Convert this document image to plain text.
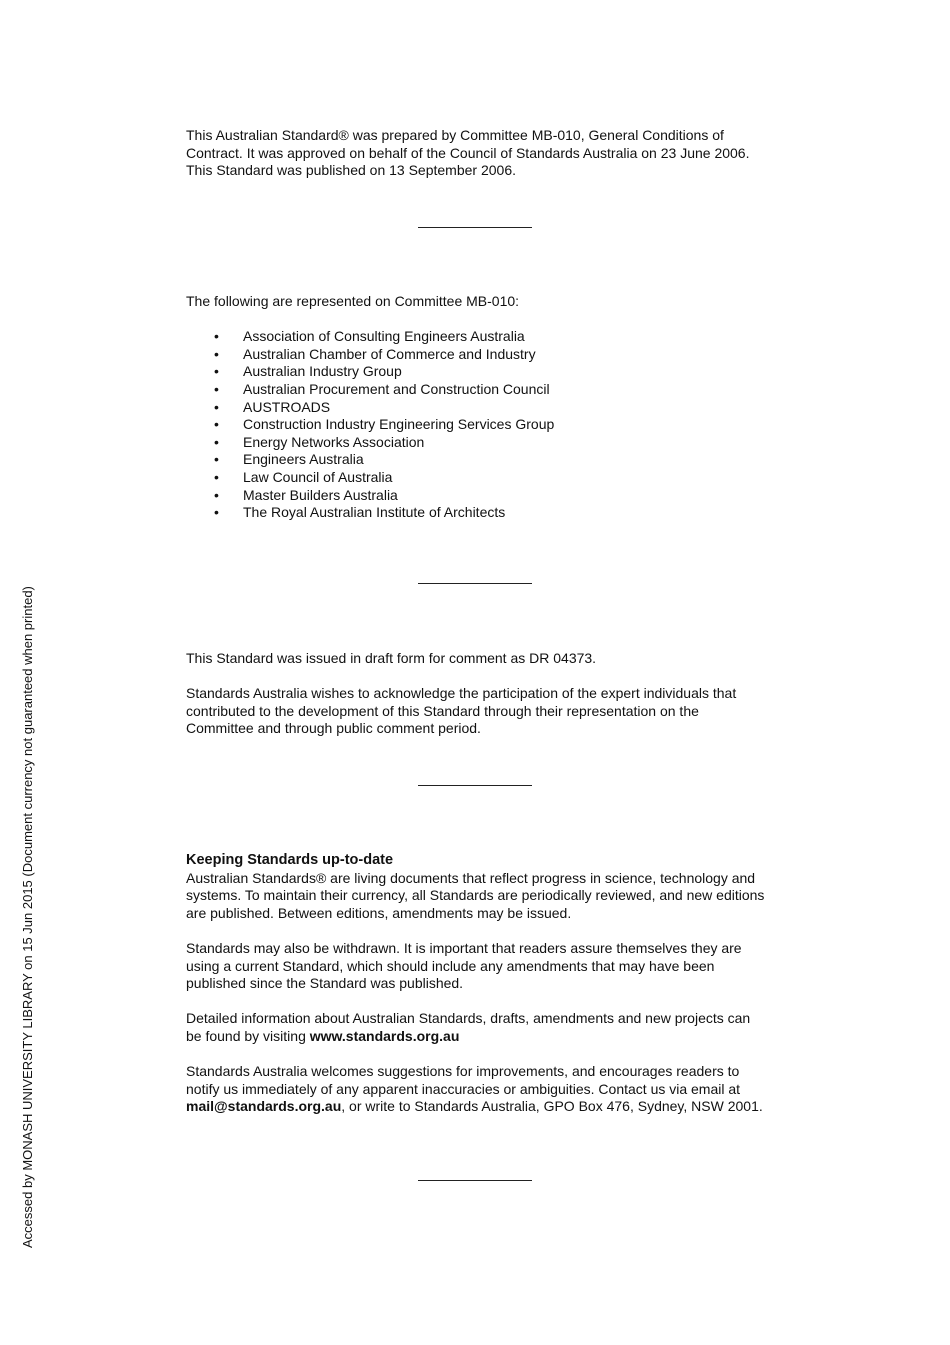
This Australian Standard® was prepared by Committee MB-010, General Conditions of

Contract. It was approved on behalf of the Council of Standards Australia on 23 June 2006.

This Standard was published on 13 September 2006.

The following are represented on Committee MB-010:

• Association of Consulting Engineers Australia
• Australian Chamber of Commerce and Industry
• Australian Industry Group
• Australian Procurement and Construction Council
• AUSTROADS
• Construction Industry Engineering Services Group
• Energy Networks Association
• Engineers Australia
• Law Council of Australia
• Master Builders Australia
• The Royal Australian Institute of Architects

This Standard was issued in draft form for comment as DR 04373.

Standards Australia wishes to acknowledge the participation of the expert individuals that

contributed to the development of this Standard through their representation on the

Committee and through public comment period.

Keeping Standards up-to-date

Australian Standards® are living documents that reflect progress in science, technology and

systems. To maintain their currency, all Standards are periodically reviewed, and new editions

are published. Between editions, amendments may be issued.

Standards may also be withdrawn. It is important that readers assure themselves they are

using a current Standard, which should include any amendments that may have been

published since the Standard was published.

Detailed information about Australian Standards, drafts, amendments and new projects can

be found by visiting www.standards.org.au

Standards Australia welcomes suggestions for improvements, and encourages readers to

notify us immediately of any apparent inaccuracies or ambiguities. Contact us via email at

mail@standards.org.au, or write to Standards Australia, GPO Box 476, Sydney, NSW 2001.

Accessed by MONASH UNIVERSITY LIBRARY on 15 Jun 2015 (Document currency not guaranteed when printed)
